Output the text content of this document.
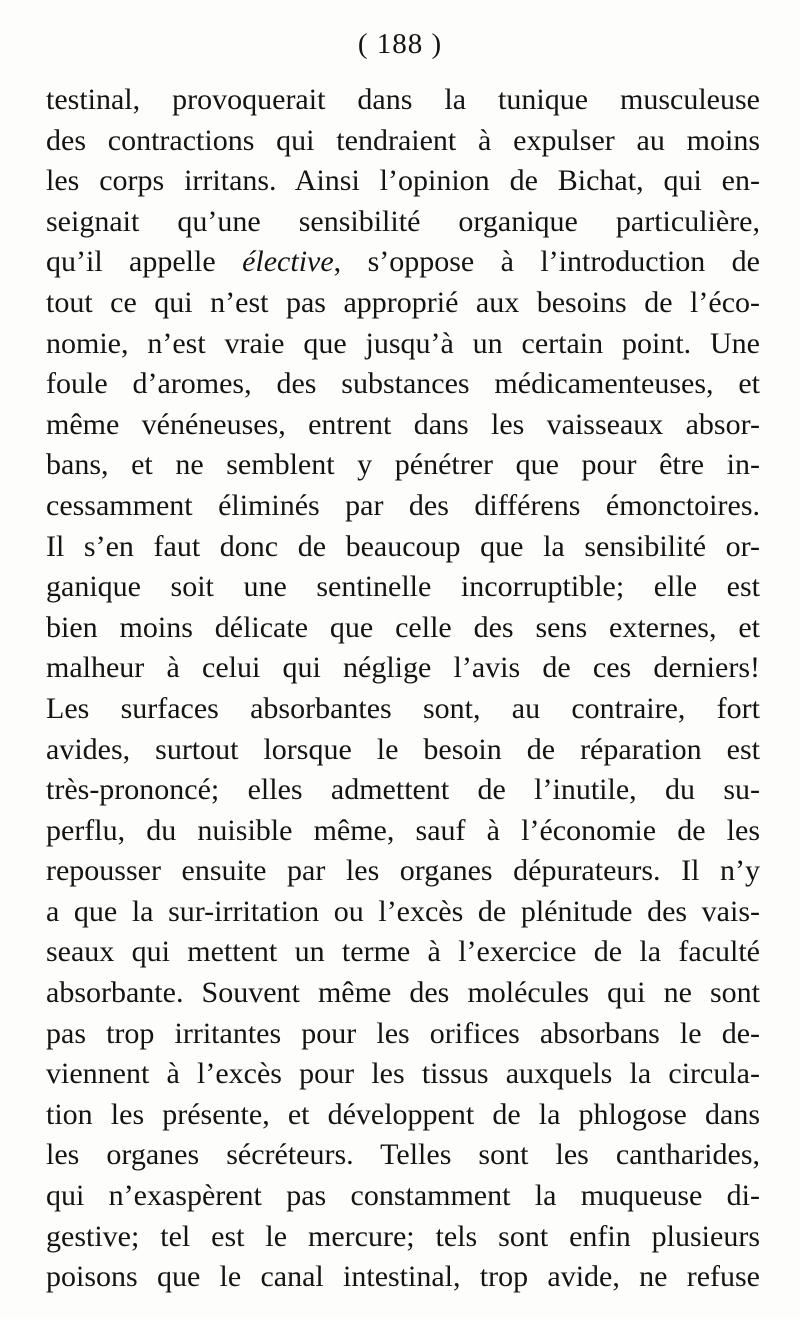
( 188 )
testinal, provoquerait dans la tunique musculeuse
des contractions qui tendraient à expulser au moins
les corps irritans. Ainsi l’opinion de Bichat, qui en-
seignait qu’une sensibilité organique particulière,
qu’il appelle élective, s’oppose à l’introduction de
tout ce qui n’est pas approprié aux besoins de l’éco-
nomie, n’est vraie que jusqu’à un certain point. Une
foule d’aromes, des substances médicamenteuses, et
même vénéneuses, entrent dans les vaisseaux absor-
bans, et ne semblent y pénétrer que pour être in-
cessamment éliminés par des différens émonctoires.
Il s’en faut donc de beaucoup que la sensibilité or-
ganique soit une sentinelle incorruptible; elle est
bien moins délicate que celle des sens externes, et
malheur à celui qui néglige l’avis de ces derniers!
Les surfaces absorbantes sont, au contraire, fort
avides, surtout lorsque le besoin de réparation est
très-prononcé; elles admettent de l’inutile, du su-
perflu, du nuisible même, sauf à l’économie de les
repousser ensuite par les organes dépurateurs. Il n’y
a que la sur-irritation ou l’excès de plénitude des vais-
seaux qui mettent un terme à l’exercice de la faculté
absorbante. Souvent même des molécules qui ne sont
pas trop irritantes pour les orifices absorbans le de-
viennent à l’excès pour les tissus auxquels la circula-
tion les présente, et développent de la phlogose dans
les organes sécréteurs. Telles sont les cantharides,
qui n’exaspèrent pas constamment la muqueuse di-
gestive; tel est le mercure; tels sont enfin plusieurs
poisons que le canal intestinal, trop avide, ne refuse
